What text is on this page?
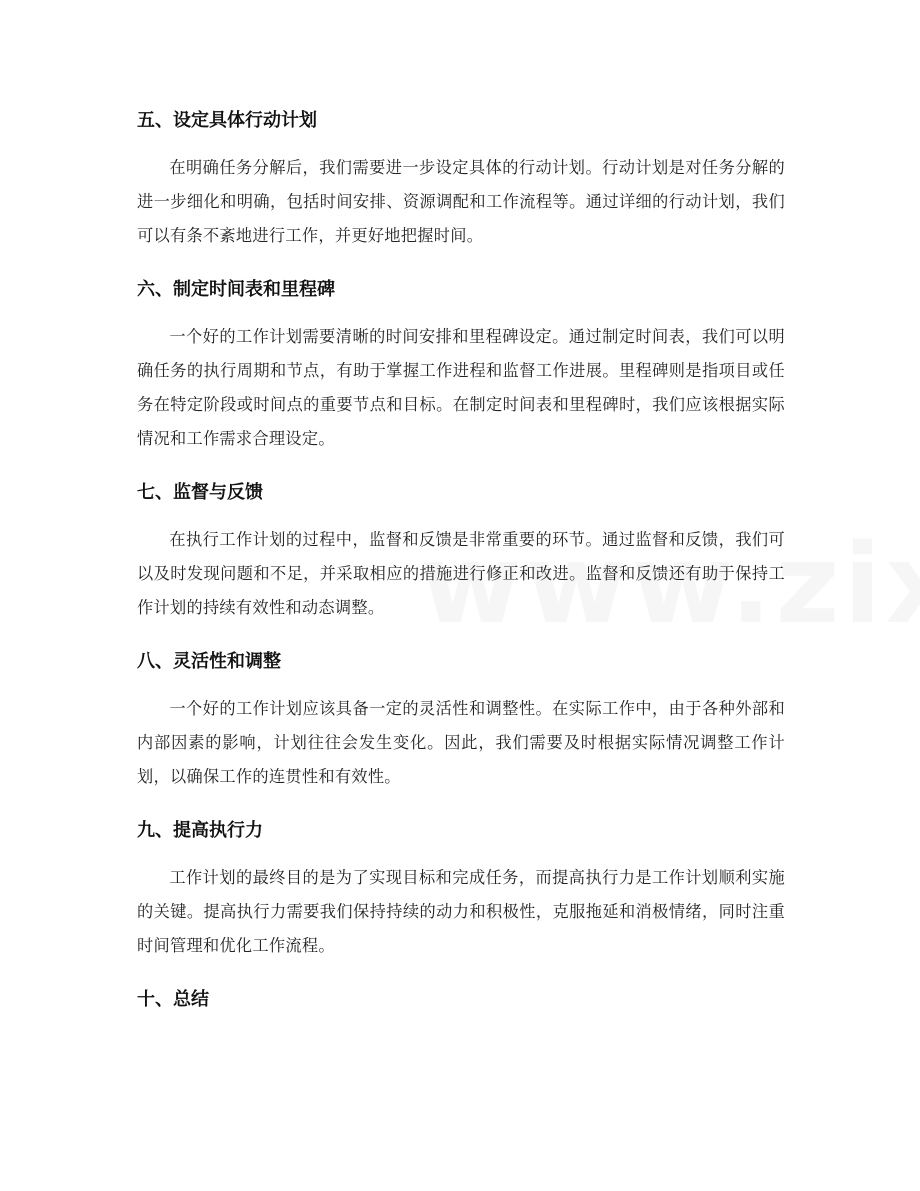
五、设定具体行动计划

在明确任务分解后，我们需要进一步设定具体的行动计划。行动计划是对任务分解的进一步细化和明确，包括时间安排、资源调配和工作流程等。通过详细的行动计划，我们可以有条不紊地进行工作，并更好地把握时间。

六、制定时间表和里程碑

一个好的工作计划需要清晰的时间安排和里程碑设定。通过制定时间表，我们可以明确任务的执行周期和节点，有助于掌握工作进程和监督工作进展。里程碑则是指项目或任务在特定阶段或时间点的重要节点和目标。在制定时间表和里程碑时，我们应该根据实际情况和工作需求合理设定。

七、监督与反馈

在执行工作计划的过程中，监督和反馈是非常重要的环节。通过监督和反馈，我们可以及时发现问题和不足，并采取相应的措施进行修正和改进。监督和反馈还有助于保持工作计划的持续有效性和动态调整。

八、灵活性和调整

一个好的工作计划应该具备一定的灵活性和调整性。在实际工作中，由于各种外部和内部因素的影响，计划往往会发生变化。因此，我们需要及时根据实际情况调整工作计划，以确保工作的连贯性和有效性。

九、提高执行力

工作计划的最终目的是为了实现目标和完成任务，而提高执行力是工作计划顺利实施的关键。提高执行力需要我们保持持续的动力和积极性，克服拖延和消极情绪，同时注重时间管理和优化工作流程。

十、总结
